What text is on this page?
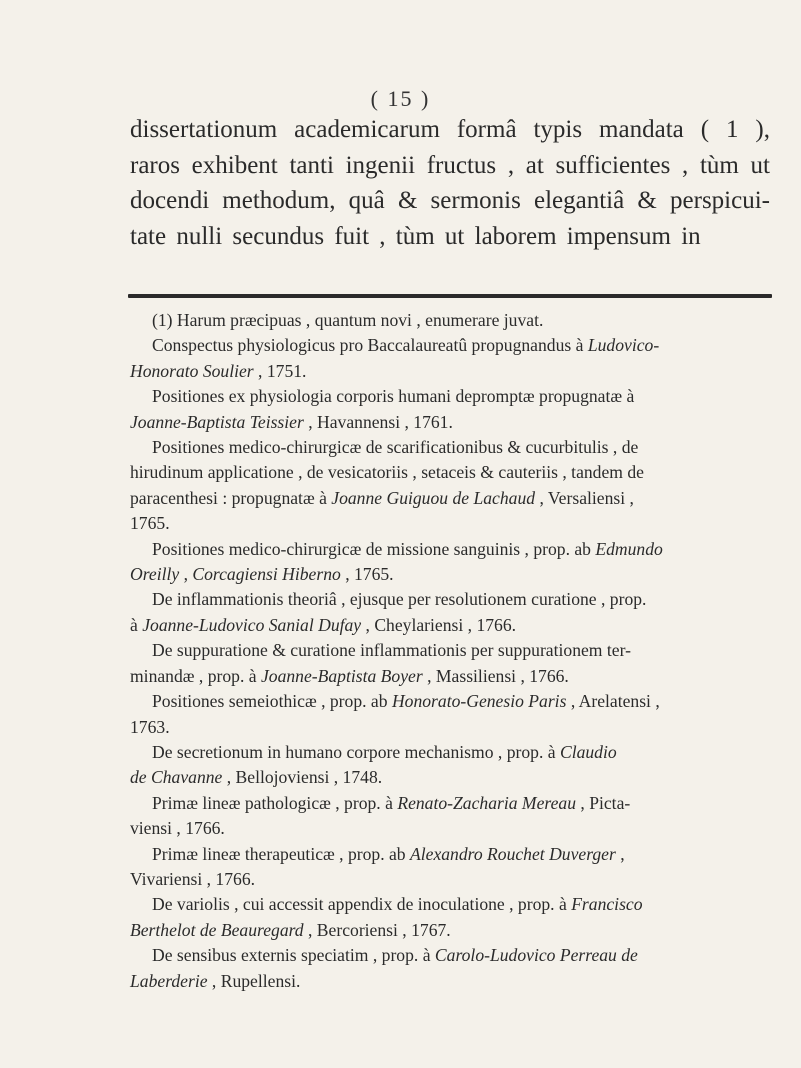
( 15 )
dissertationum academicarum formâ typis mandata ( 1 ),
raros exhibent tanti ingenii fructus , at sufficientes , tùm ut
docendi methodum, quâ & sermonis elegantiâ & perspicui-
tate nulli secundus fuit , tùm ut laborem impensum in
(1) Harum præcipuas , quantum novi , enumerare juvat.
Conspectus physiologicus pro Baccalaureatû propugnandus à Ludovico-
Honorato Soulier , 1751.
Positiones ex physiologia corporis humani depromptæ propugnatæ à
Joanne-Baptista Teissier , Havannensi , 1761.
Positiones medico-chirurgicæ de scarificationibus & cucurbitulis , de
hirudinum applicatione , de vesicatoriis , setaceis & cauteriis , tandem de
paracenthesi : propugnatæ à Joanne Guiguou de Lachaud , Versaliensi ,
1765.
Positiones medico-chirurgicæ de missione sanguinis , prop. ab Edmundo
Oreilly , Corcagiensi Hiberno , 1765.
De inflammationis theoriâ , ejusque per resolutionem curatione , prop.
à Joanne-Ludovico Sanial Dufay , Cheylariensi , 1766.
De suppuratione & curatione inflammationis per suppurationem ter-
minandæ , prop. à Joanne-Baptista Boyer , Massiliensi , 1766.
Positiones semeiothicæ , prop. ab Honorato-Genesio Paris , Arelatensi ,
1763.
De secretionum in humano corpore mechanismo , prop. à Claudio
de Chavanne , Bellojoviensi , 1748.
Primæ lineæ pathologicæ , prop. à Renato-Zacharia Mereau , Picta-
viensi , 1766.
Primæ lineæ therapeuticæ , prop. ab Alexandro Rouchet Duverger ,
Vivariensi , 1766.
De variolis , cui accessit appendix de inoculatione , prop. à Francisco
Berthelot de Beauregard , Bercoriensi , 1767.
De sensibus externis speciatim , prop. à Carolo-Ludovico Perreau de
Laberderie , Rupellensi.
